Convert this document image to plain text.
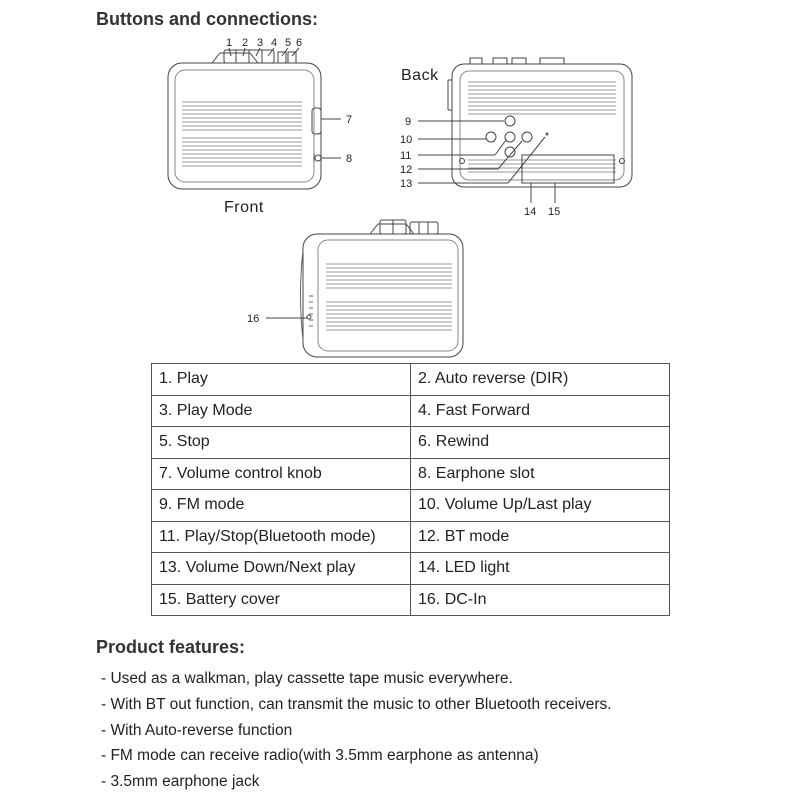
Buttons and connections:
Front
Back
1 2 3 4 5 6
7
8
9
10
11
12
13
14 15
16
1. Play	2. Auto reverse (DIR)
3. Play Mode	4. Fast Forward
5. Stop	6. Rewind
7. Volume control knob	8. Earphone slot
9. FM mode	10. Volume Up/Last play
11. Play/Stop(Bluetooth mode)	12. BT mode
13. Volume Down/Next play	14. LED light
15. Battery cover	16. DC-In
Product features:
- Used as a walkman, play cassette tape music everywhere.
- With BT out function, can transmit the music to other Bluetooth receivers.
- With Auto-reverse function
- FM mode can receive radio(with 3.5mm earphone as antenna)
- 3.5mm earphone jack
